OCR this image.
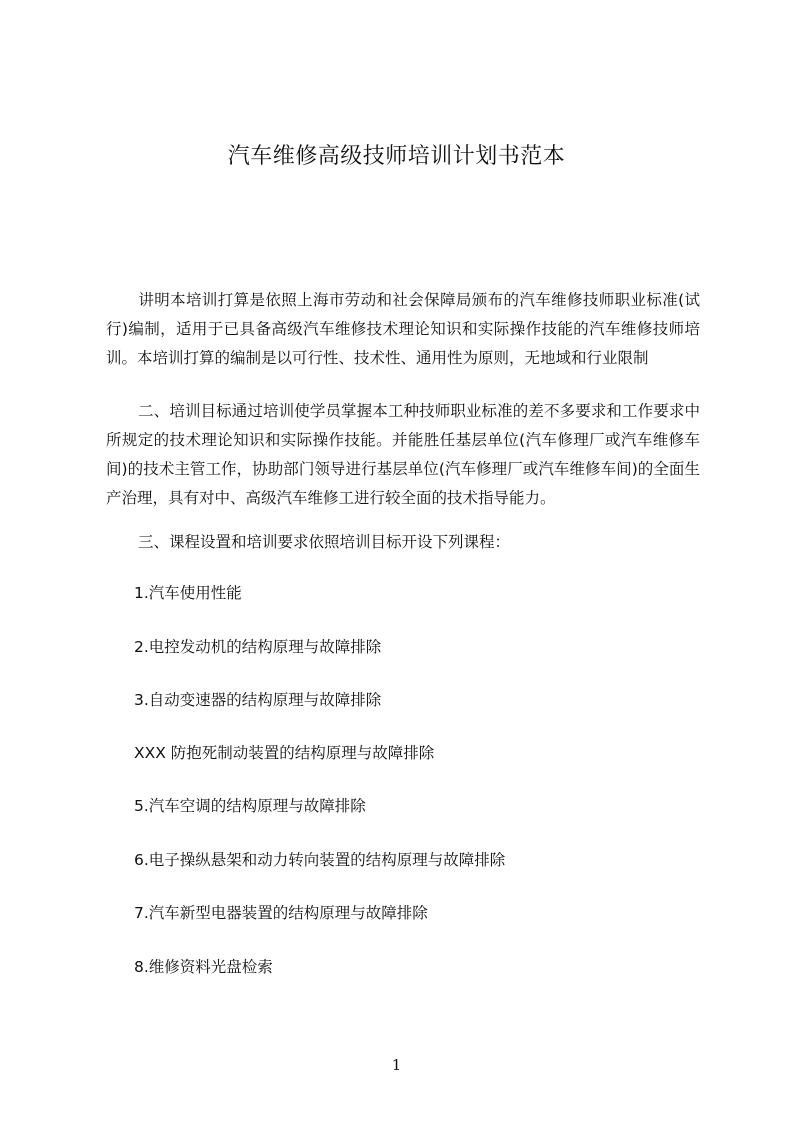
汽车维修高级技师培训计划书范本
讲明本培训打算是依照上海市劳动和社会保障局颁布的汽车维修技师职业标准(试行)编制，适用于已具备高级汽车维修技术理论知识和实际操作技能的汽车维修技师培训。本培训打算的编制是以可行性、技术性、通用性为原则，无地域和行业限制
二、培训目标通过培训使学员掌握本工种技师职业标准的差不多要求和工作要求中所规定的技术理论知识和实际操作技能。并能胜任基层单位(汽车修理厂或汽车维修车间)的技术主管工作，协助部门领导进行基层单位(汽车修理厂或汽车维修车间)的全面生产治理，具有对中、高级汽车维修工进行较全面的技术指导能力。
三、课程设置和培训要求依照培训目标开设下列课程：
1.汽车使用性能
2.电控发动机的结构原理与故障排除
3.自动变速器的结构原理与故障排除
XXX 防抱死制动装置的结构原理与故障排除
5.汽车空调的结构原理与故障排除
6.电子操纵悬架和动力转向装置的结构原理与故障排除
7.汽车新型电器装置的结构原理与故障排除
8.维修资料光盘检索
1
